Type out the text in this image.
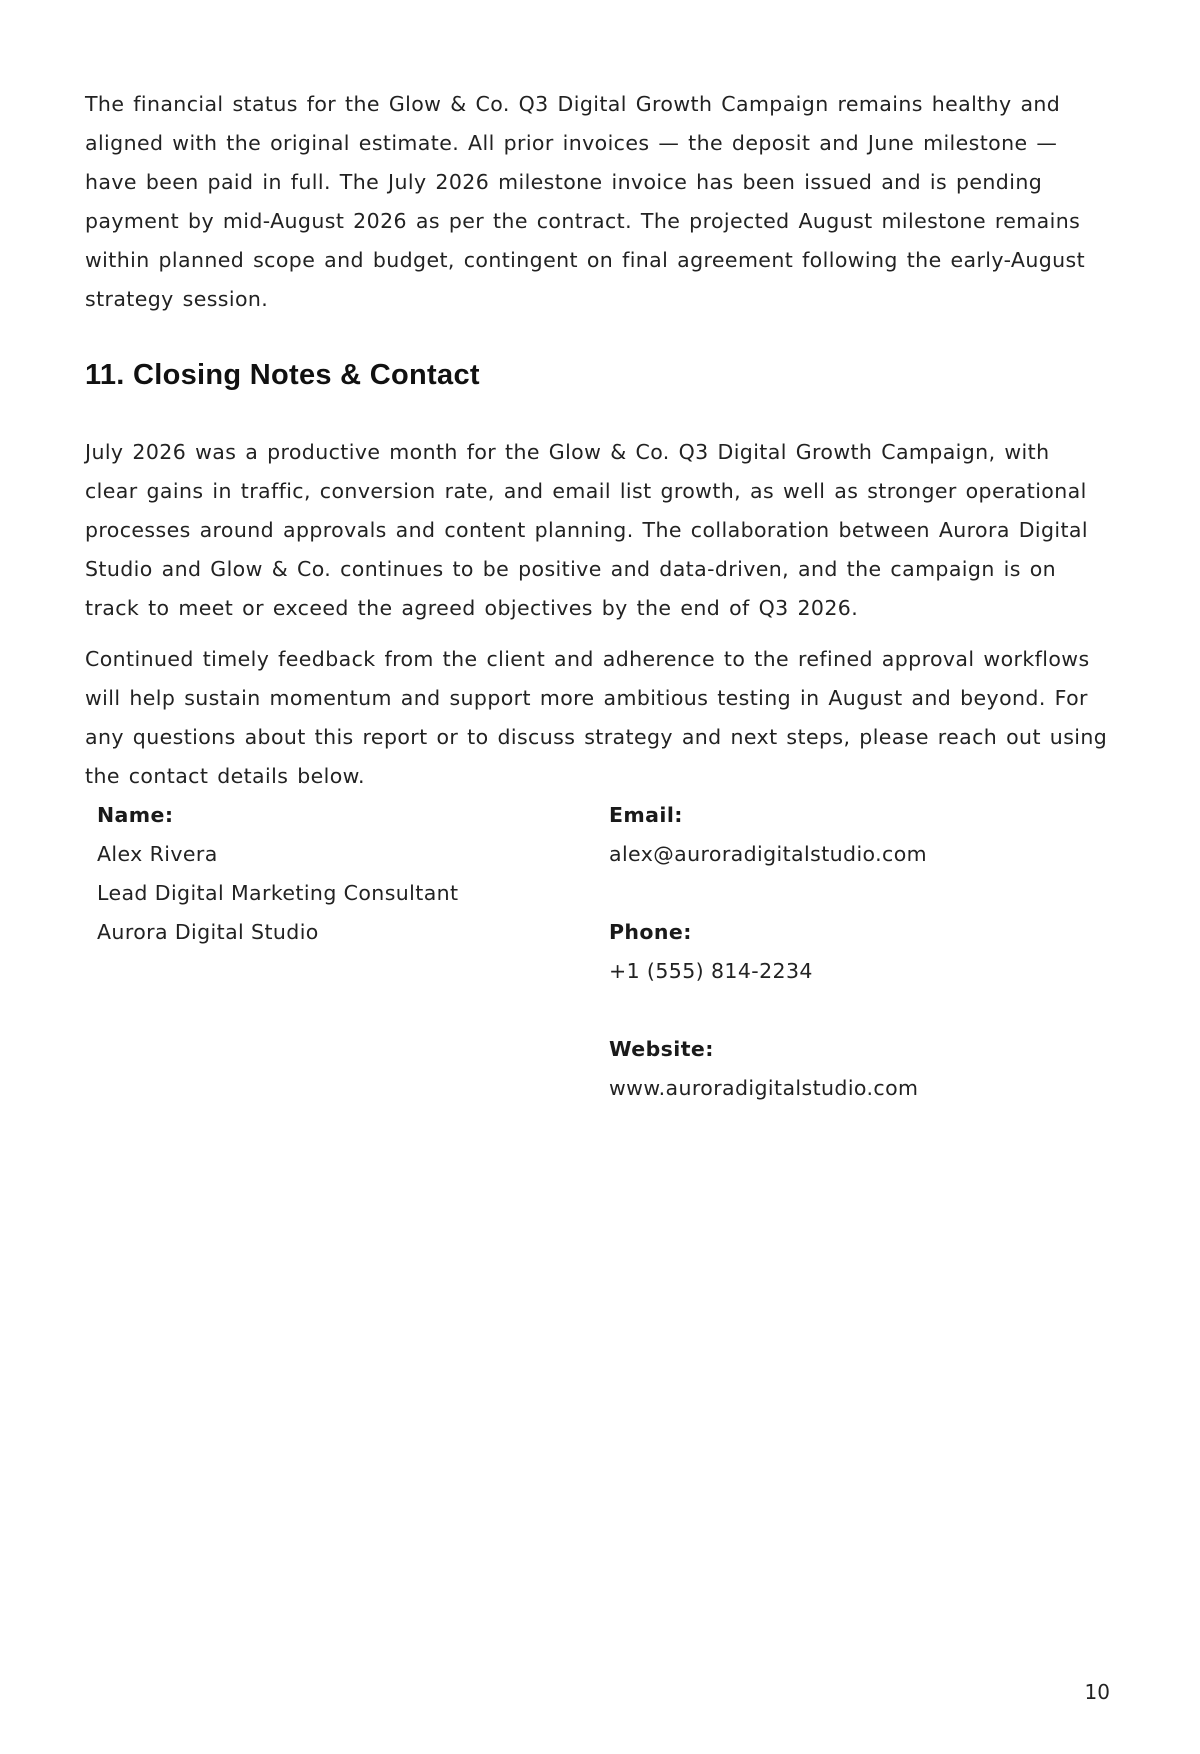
The financial status for the Glow & Co. Q3 Digital Growth Campaign remains healthy and aligned with the original estimate. All prior invoices — the deposit and June milestone — have been paid in full. The July 2026 milestone invoice has been issued and is pending payment by mid-August 2026 as per the contract. The projected August milestone remains within planned scope and budget, contingent on final agreement following the early-August strategy session.

11. Closing Notes & Contact

July 2026 was a productive month for the Glow & Co. Q3 Digital Growth Campaign, with clear gains in traffic, conversion rate, and email list growth, as well as stronger operational processes around approvals and content planning. The collaboration between Aurora Digital Studio and Glow & Co. continues to be positive and data-driven, and the campaign is on track to meet or exceed the agreed objectives by the end of Q3 2026.

Continued timely feedback from the client and adherence to the refined approval workflows will help sustain momentum and support more ambitious testing in August and beyond. For any questions about this report or to discuss strategy and next steps, please reach out using the contact details below.

Name:
Alex Rivera
Lead Digital Marketing Consultant
Aurora Digital Studio
Email:
alex@auroradigitalstudio.com
Phone:
+1 (555) 814-2234
Website:
www.auroradigitalstudio.com
10
